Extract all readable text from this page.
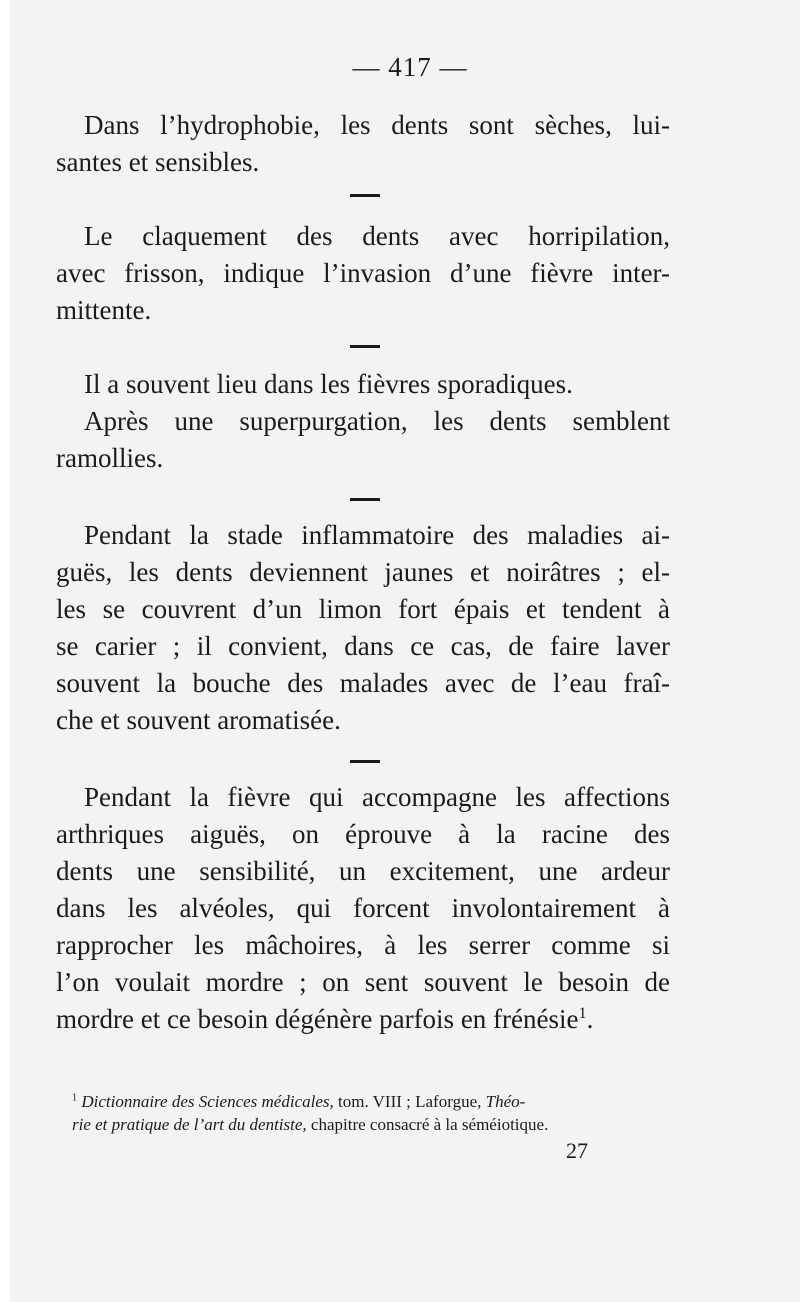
— 417 —
Dans l’hydrophobie, les dents sont sèches, lui-
santes et sensibles.
Le claquement des dents avec horripilation,
avec frisson, indique l’invasion d’une fièvre inter-
mittente.
Il a souvent lieu dans les fièvres sporadiques.
Après une superpurgation, les dents semblent
ramollies.
Pendant la stade inflammatoire des maladies ai-
guës, les dents deviennent jaunes et noirâtres ; el-
les se couvrent d’un limon fort épais et tendent à
se carier ; il convient, dans ce cas, de faire laver
souvent la bouche des malades avec de l’eau fraî-
che et souvent aromatisée.
Pendant la fièvre qui accompagne les affections
arthriques aiguës, on éprouve à la racine des
dents une sensibilité, un excitement, une ardeur
dans les alvéoles, qui forcent involontairement à
rapprocher les mâchoires, à les serrer comme si
l’on voulait mordre ; on sent souvent le besoin de
mordre et ce besoin dégénère parfois en frénésie$^1$.
$^1$ Dictionnaire des Sciences médicales, tom. VIII ; Laforgue, Théo-
rie et pratique de l’art du dentiste, chapitre consacré à la séméiotique.
27
